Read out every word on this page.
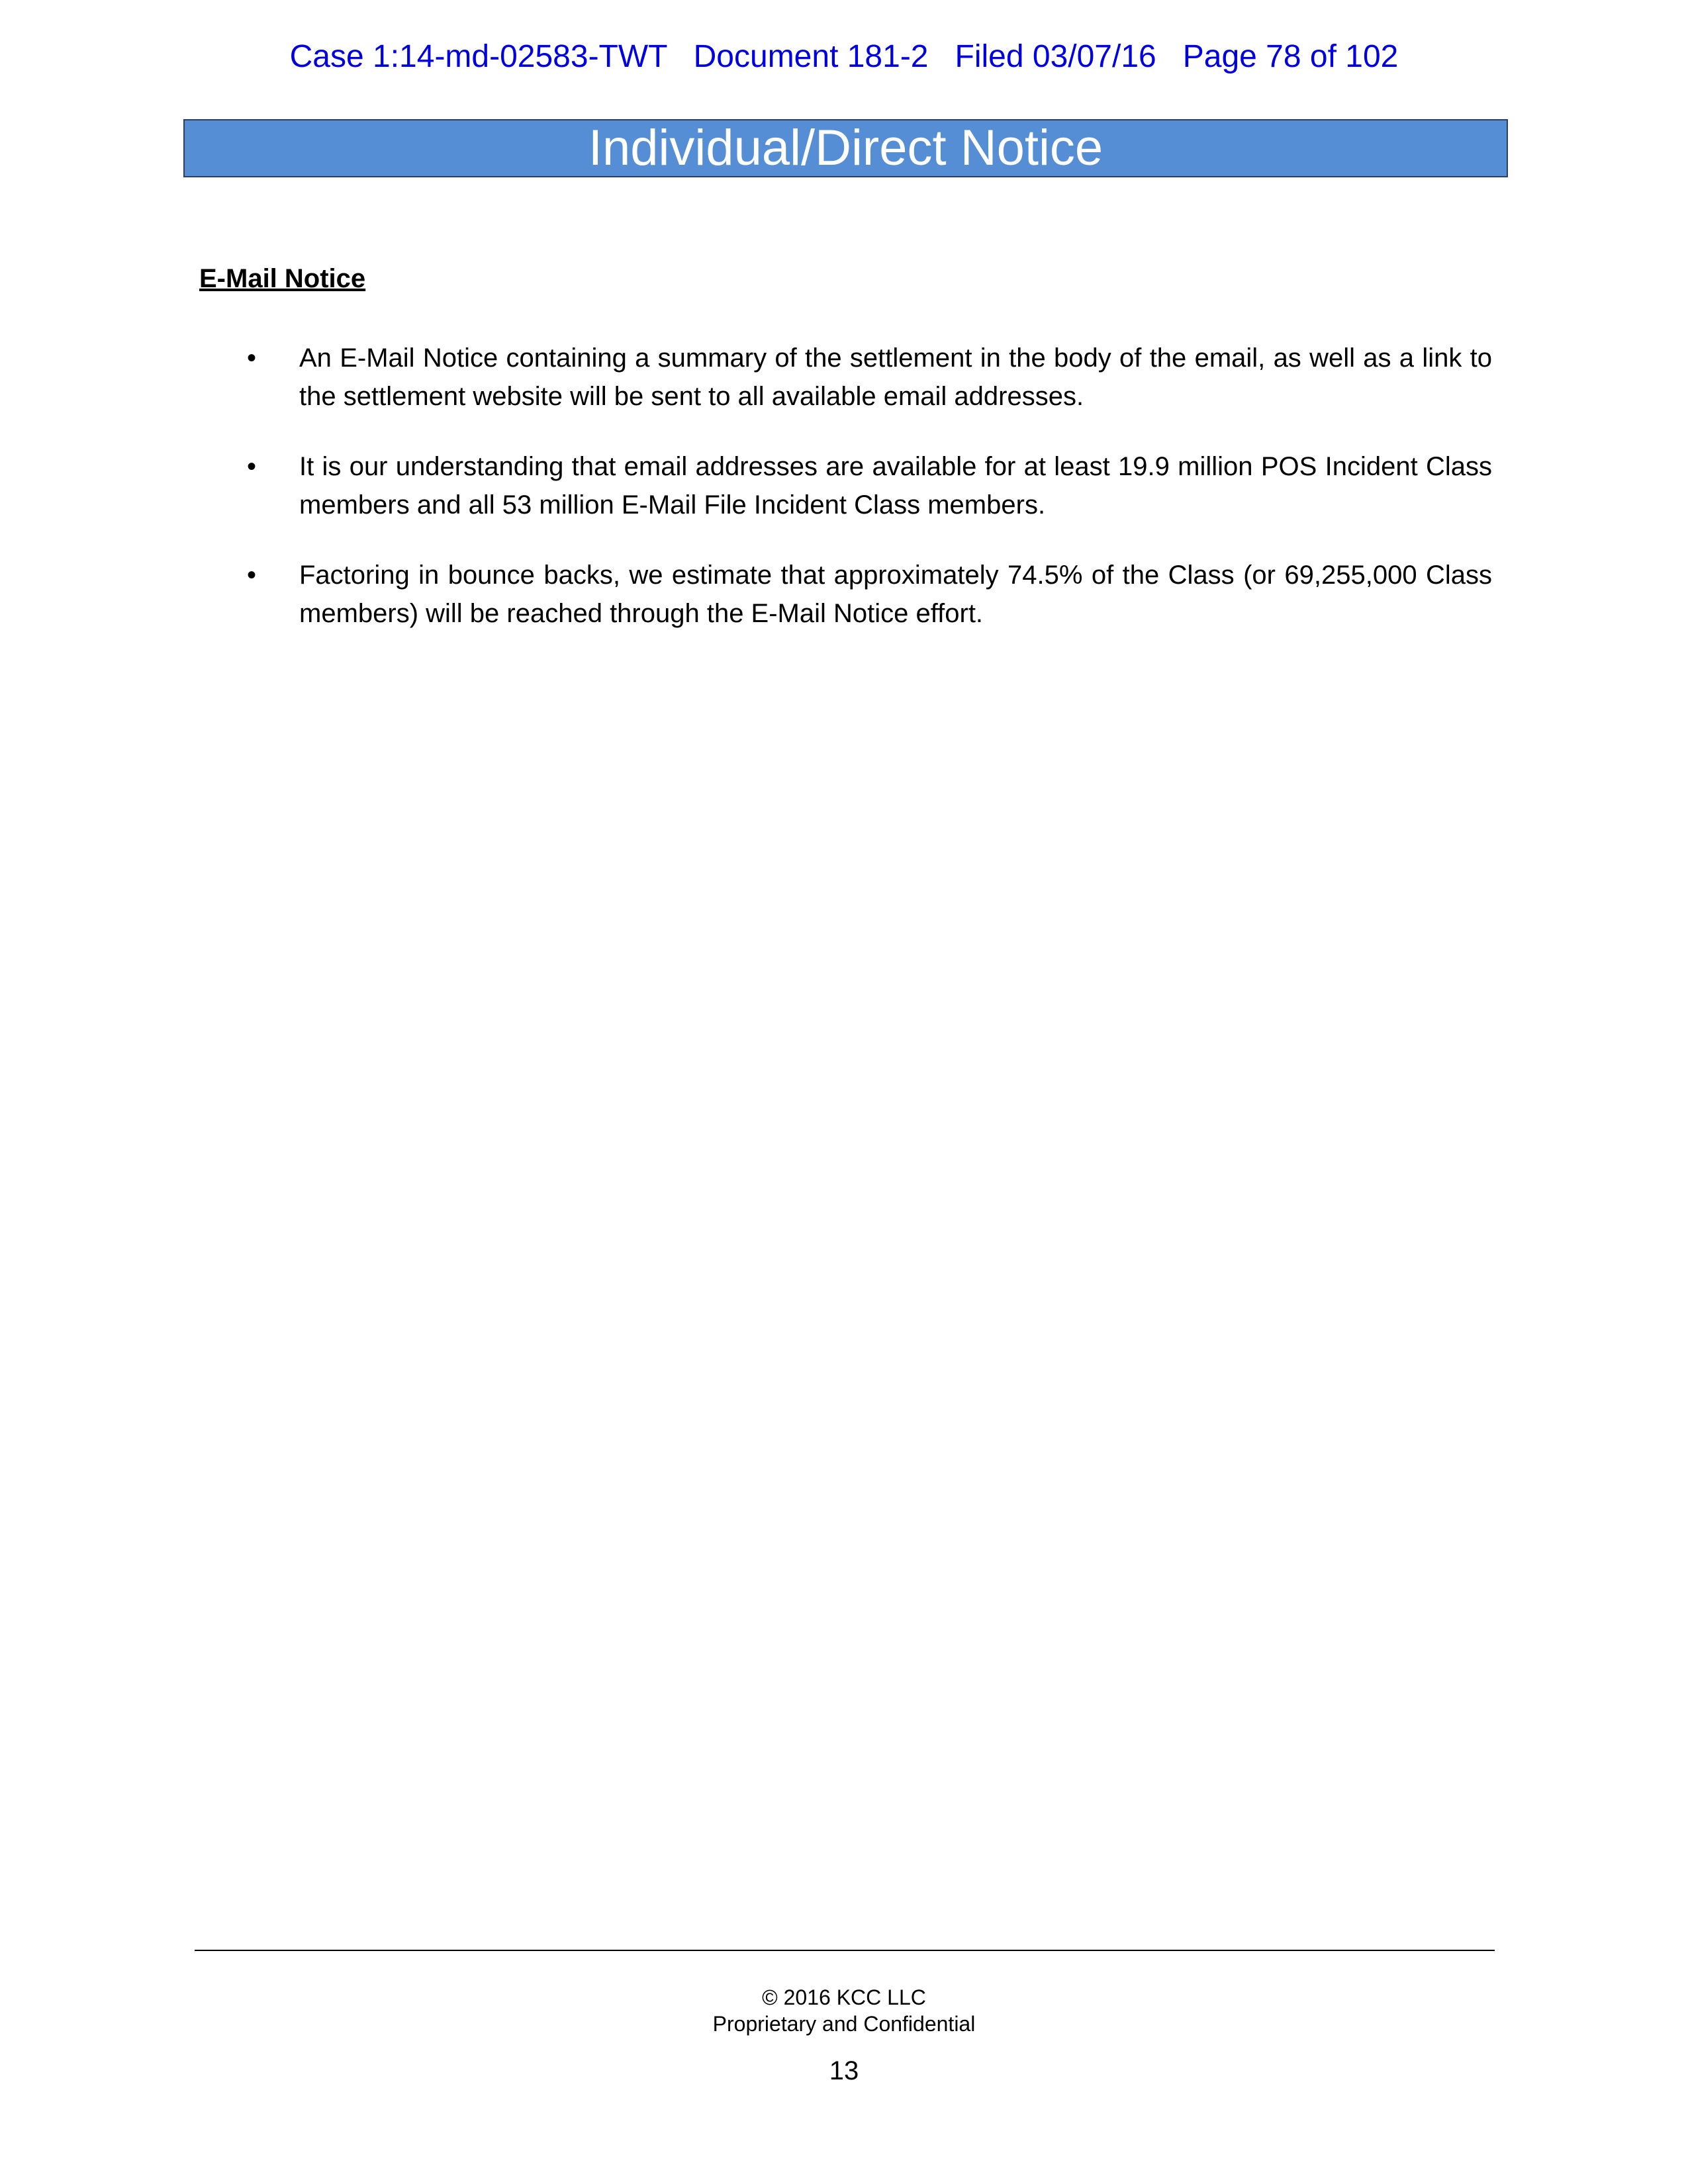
Case 1:14-md-02583-TWT   Document 181-2   Filed 03/07/16   Page 78 of 102
Individual/Direct Notice
E-Mail Notice
• An E-Mail Notice containing a summary of the settlement in the body of the email, as well as a link to the settlement website will be sent to all available email addresses.
• It is our understanding that email addresses are available for at least 19.9 million POS Incident Class members and all 53 million E-Mail File Incident Class members.
• Factoring in bounce backs, we estimate that approximately 74.5% of the Class (or 69,255,000 Class members) will be reached through the E-Mail Notice effort.
© 2016 KCC LLC
Proprietary and Confidential
13
